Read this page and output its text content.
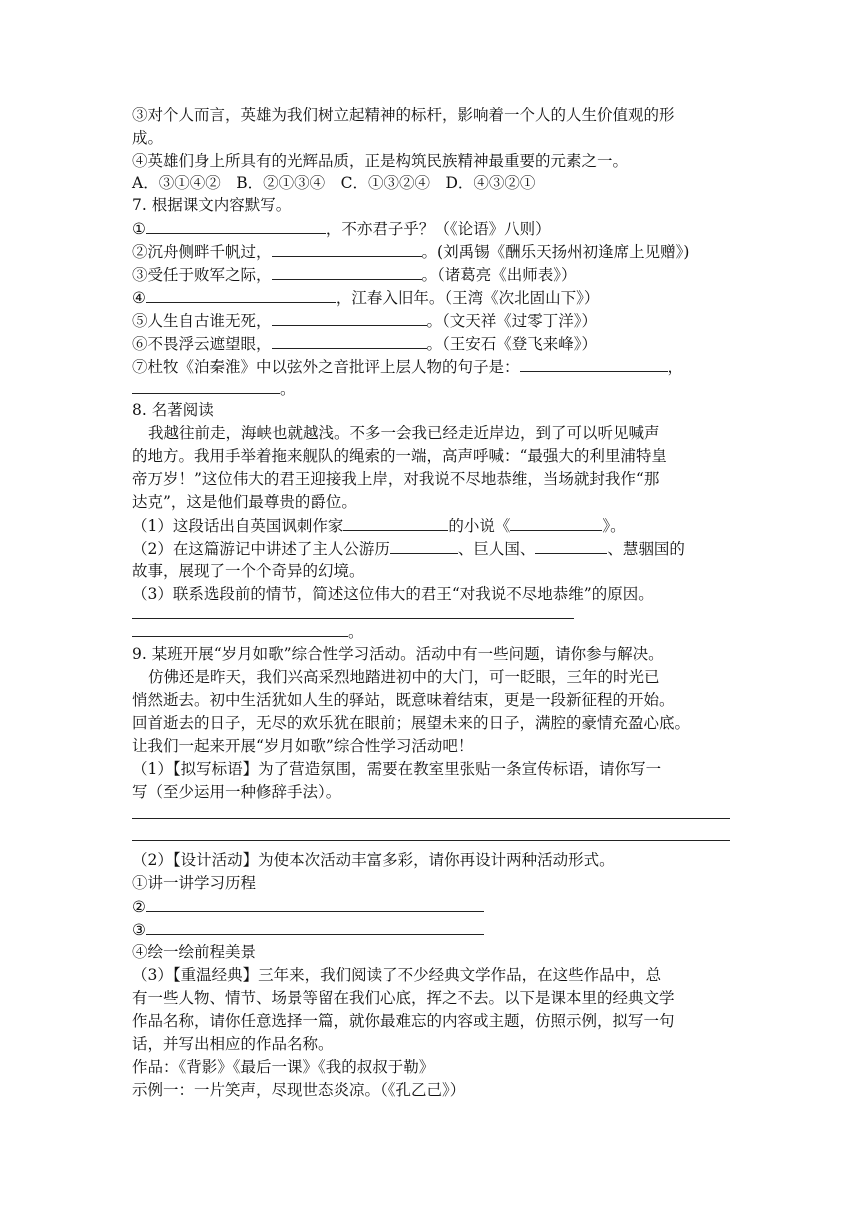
③对个人而言，英雄为我们树立起精神的标杆，影响着一个人的人生价值观的形
成。
④英雄们身上所具有的光辉品质，正是构筑民族精神最重要的元素之一。
A．③①④②　B．②①③④　C．①③②④　D．④③②①
7. 根据课文内容默写。
①	，不亦君子乎？（《论语》八则）
②沉舟侧畔千帆过，	。(刘禹锡《酬乐天扬州初逢席上见赠》)
③受任于败军之际，	。（诸葛亮《出师表》）
④	，江春入旧年。（王湾《次北固山下》）
⑤人生自古谁无死，	。（文天祥《过零丁洋》）
⑥不畏浮云遮望眼，	。（王安石《登飞来峰》）
⑦杜牧《泊秦淮》中以弦外之音批评上层人物的句子是：	，
。
8. 名著阅读
我越往前走，海峡也就越浅。不多一会我已经走近岸边，到了可以听见喊声
的地方。我用手举着拖来舰队的绳索的一端，高声呼喊：“最强大的利里浦特皇
帝万岁！”这位伟大的君王迎接我上岸，对我说不尽地恭维，当场就封我作“那
达克”，这是他们最尊贵的爵位。
（1）这段话出自英国讽刺作家	的小说《	》。
（2）在这篇游记中讲述了主人公游历	、巨人国、	、慧骃国的
故事，展现了一个个奇异的幻境。
（3）联系选段前的情节，简述这位伟大的君王“对我说不尽地恭维”的原因。
。
9. 某班开展“岁月如歌”综合性学习活动。活动中有一些问题，请你参与解决。
仿佛还是昨天，我们兴高采烈地踏进初中的大门，可一眨眼，三年的时光已
悄然逝去。初中生活犹如人生的驿站，既意味着结束，更是一段新征程的开始。
回首逝去的日子，无尽的欢乐犹在眼前；展望未来的日子，满腔的豪情充盈心底。
让我们一起来开展“岁月如歌”综合性学习活动吧！
（1）【拟写标语】为了营造氛围，需要在教室里张贴一条宣传标语，请你写一
写（至少运用一种修辞手法）。
（2）【设计活动】为使本次活动丰富多彩，请你再设计两种活动形式。
①讲一讲学习历程
②
③
④绘一绘前程美景
（3）【重温经典】三年来，我们阅读了不少经典文学作品，在这些作品中，总
有一些人物、情节、场景等留在我们心底，挥之不去。以下是课本里的经典文学
作品名称，请你任意选择一篇，就你最难忘的内容或主题，仿照示例，拟写一句
话，并写出相应的作品名称。
作品：《背影》《最后一课》《我的叔叔于勒》
示例一：一片笑声，尽现世态炎凉。（《孔乙己》）
